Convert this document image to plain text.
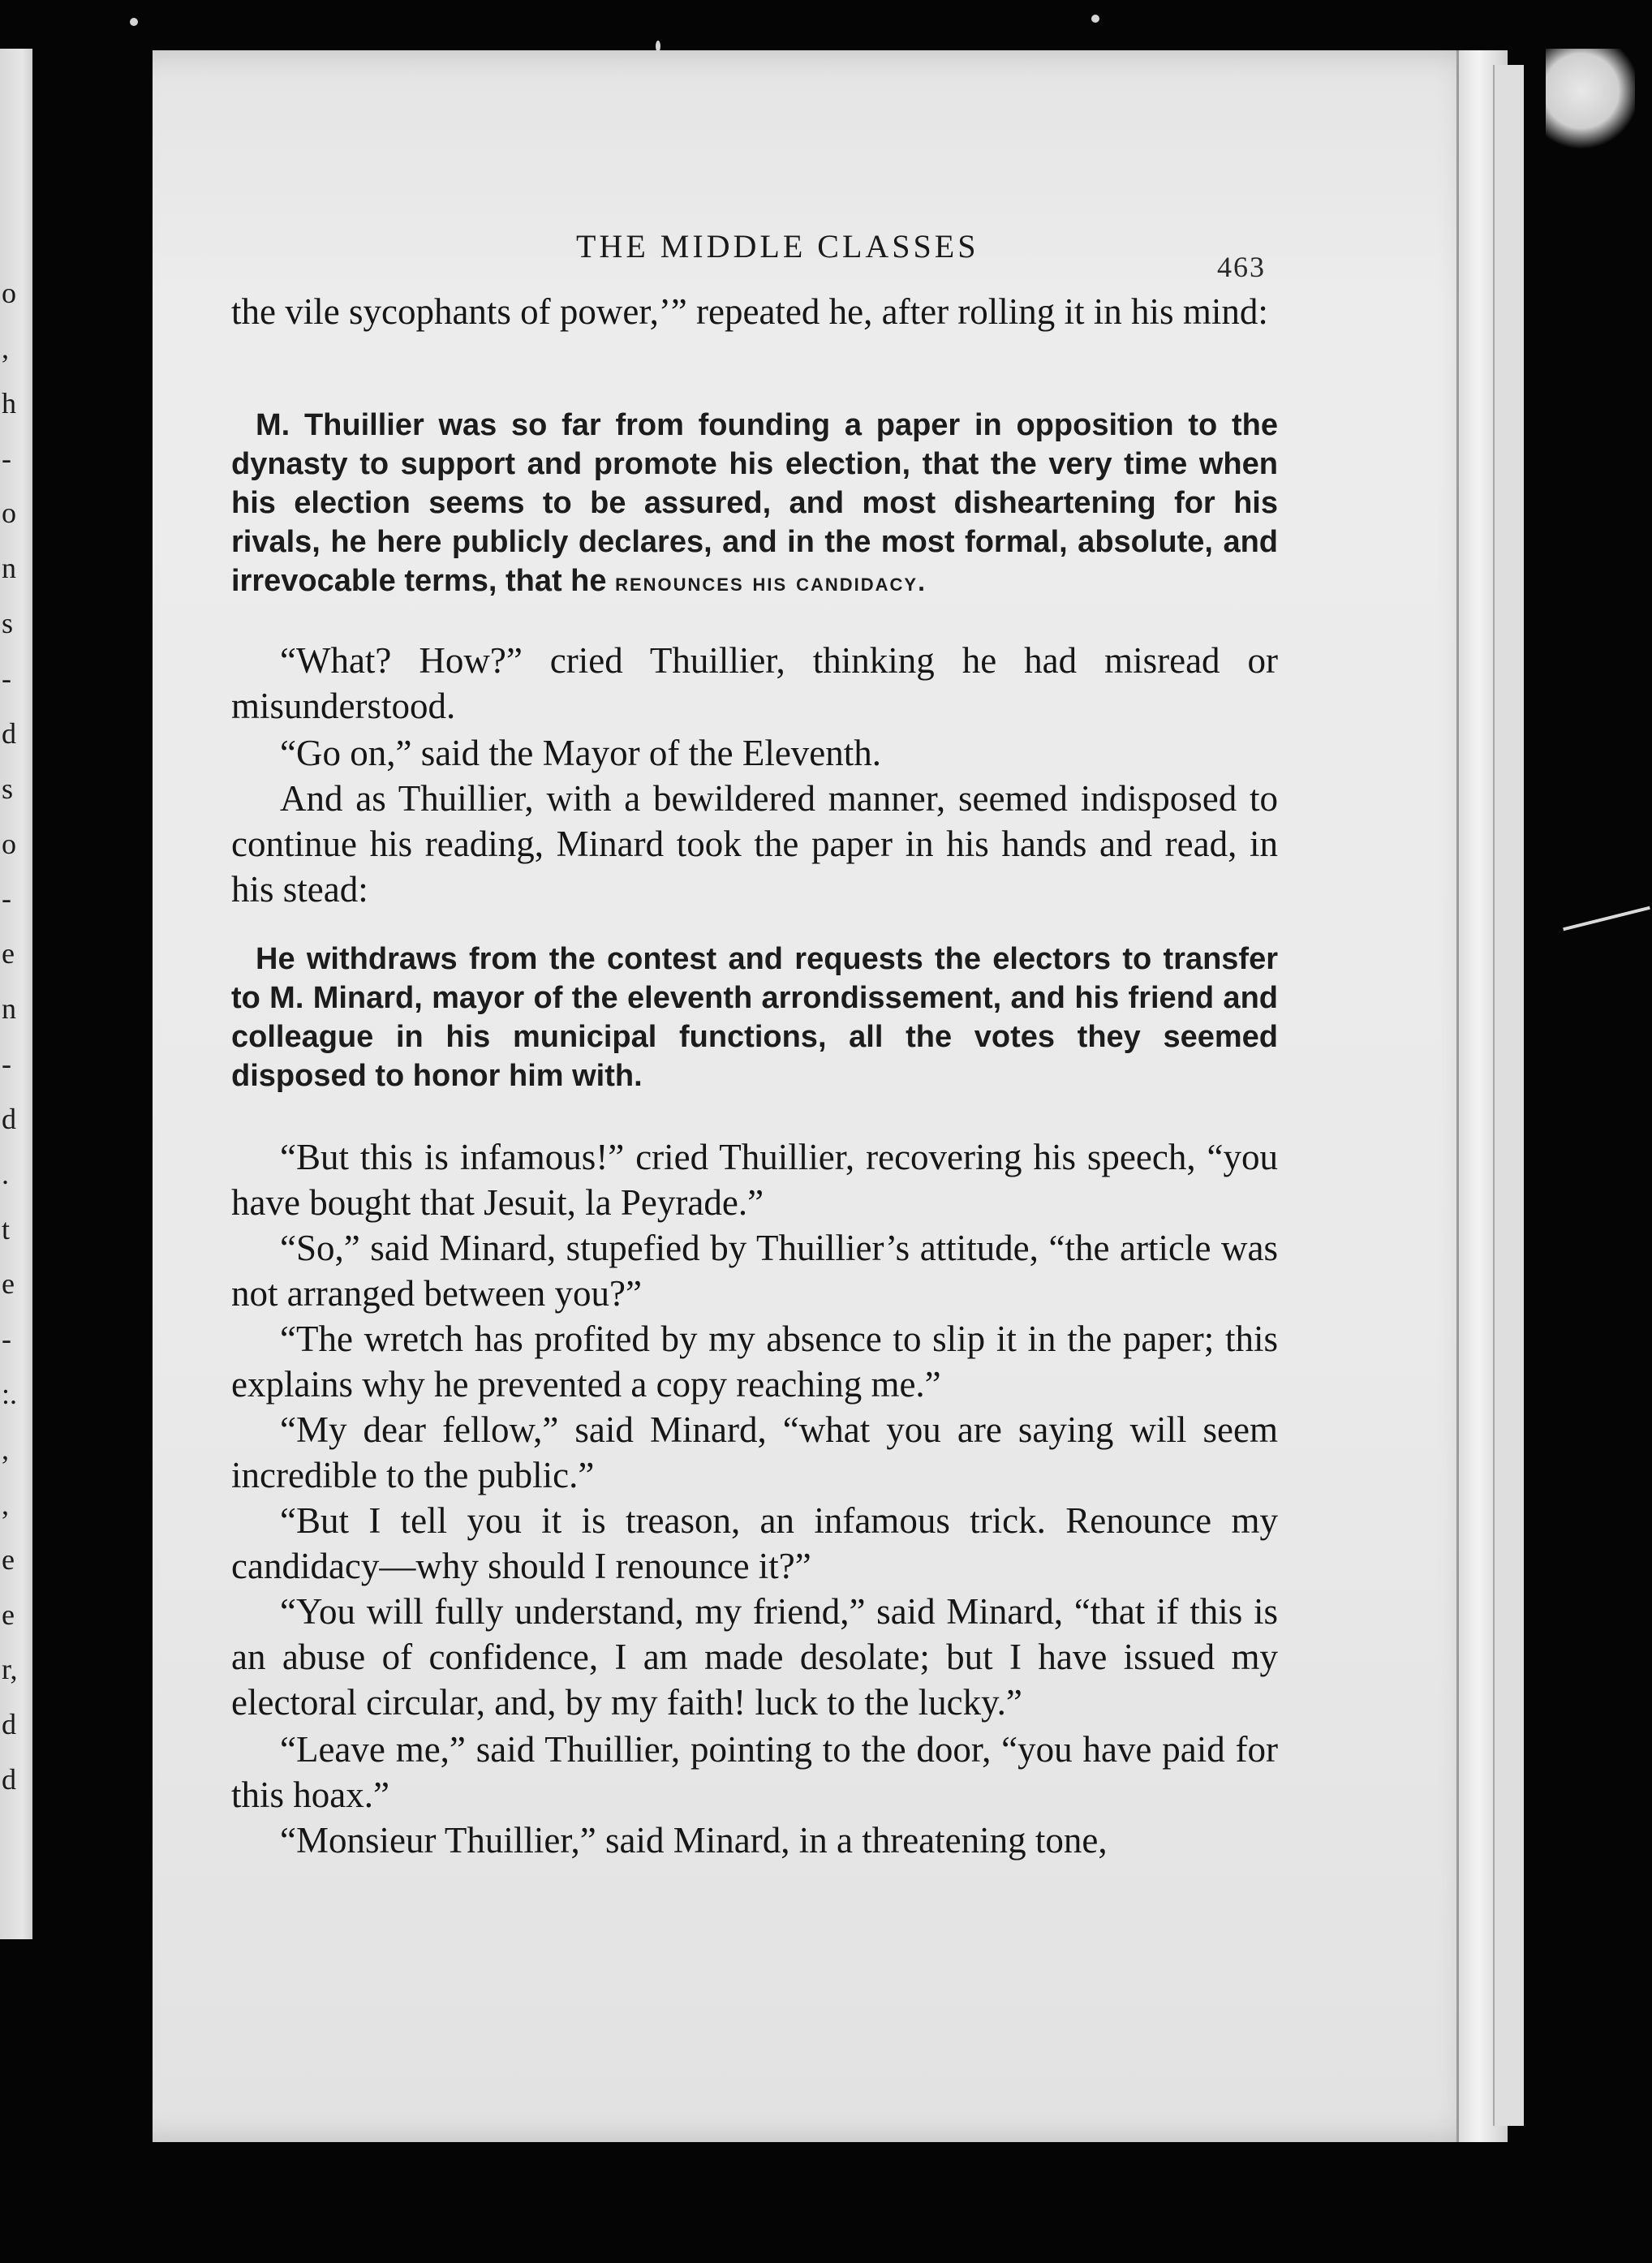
o
,
h
-
o
n
s
-
d
s
o
-
e
n
-
d
.
t
e
-
:.
,
,
e
e
r,
d
d
THE MIDDLE CLASSES
463
the vile sycophants of power,’” repeated he, after rolling it in his mind:
M. Thuillier was so far from founding a paper in opposition to the dynasty to support and promote his election, that the very time when his election seems to be assured, and most disheartening for his rivals, he here publicly declares, and in the most formal, absolute, and irrevocable terms, that he renounces his candidacy.
“What? How?” cried Thuillier, thinking he had misread or misunderstood.
“Go on,” said the Mayor of the Eleventh.
And as Thuillier, with a bewildered manner, seemed indisposed to continue his reading, Minard took the paper in his hands and read, in his stead:
He withdraws from the contest and requests the electors to transfer to M. Minard, mayor of the eleventh arrondissement, and his friend and colleague in his municipal functions, all the votes they seemed disposed to honor him with.
“But this is infamous!” cried Thuillier, recovering his speech, “you have bought that Jesuit, la Peyrade.”
“So,” said Minard, stupefied by Thuillier’s attitude, “the article was not arranged between you?”
“The wretch has profited by my absence to slip it in the paper; this explains why he prevented a copy reaching me.”
“My dear fellow,” said Minard, “what you are saying will seem incredible to the public.”
“But I tell you it is treason, an infamous trick. Renounce my candidacy—why should I renounce it?”
“You will fully understand, my friend,” said Minard, “that if this is an abuse of confidence, I am made desolate; but I have issued my electoral circular, and, by my faith! luck to the lucky.”
“Leave me,” said Thuillier, pointing to the door, “you have paid for this hoax.”
“Monsieur Thuillier,” said Minard, in a threatening tone,
